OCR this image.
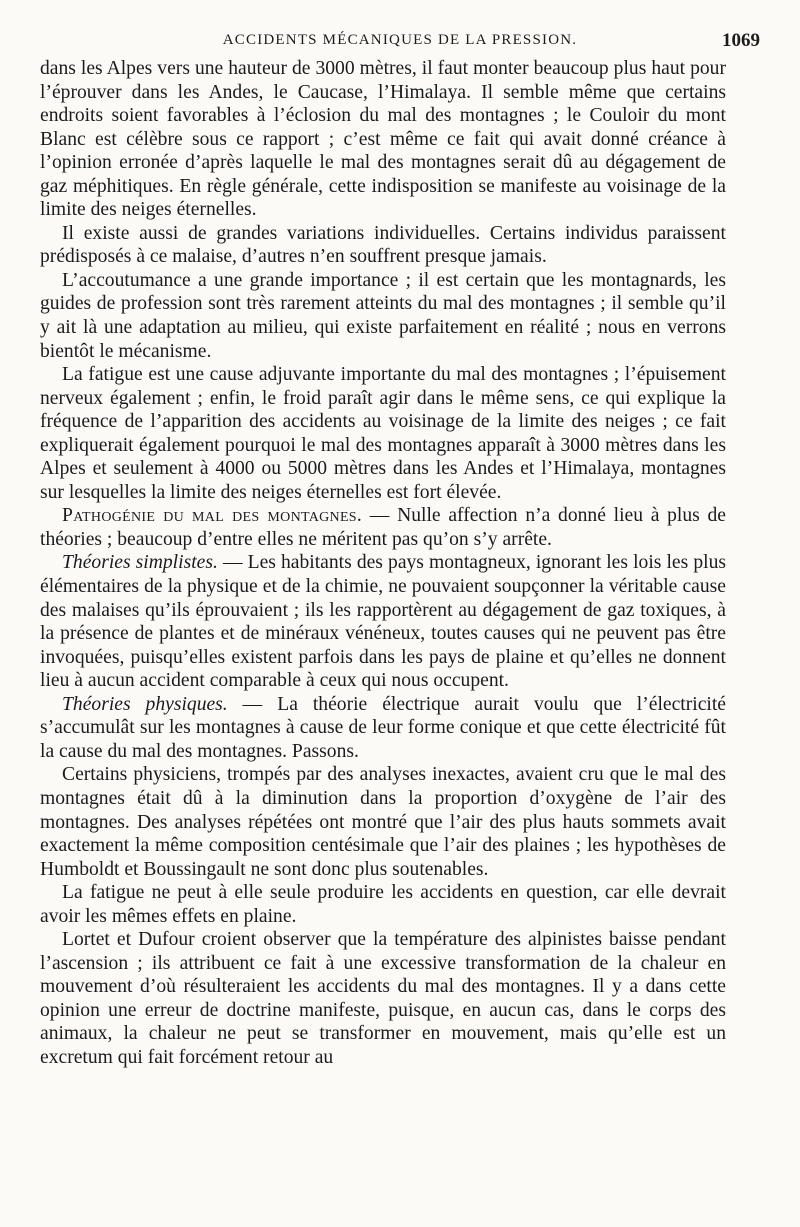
ACCIDENTS MÉCANIQUES DE LA PRESSION.	1069

dans les Alpes vers une hauteur de 3000 mètres, il faut monter beaucoup plus haut pour l’éprouver dans les Andes, le Caucase, l’Himalaya. Il semble même que certains endroits soient favorables à l’éclosion du mal des montagnes ; le Couloir du mont Blanc est célèbre sous ce rapport ; c’est même ce fait qui avait donné créance à l’opinion erronée d’après laquelle le mal des montagnes serait dû au dégagement de gaz méphitiques. En règle générale, cette indisposition se manifeste au voisinage de la limite des neiges éternelles.

Il existe aussi de grandes variations individuelles. Certains individus paraissent prédisposés à ce malaise, d’autres n’en souffrent presque jamais.

L’accoutumance a une grande importance ; il est certain que les montagnards, les guides de profession sont très rarement atteints du mal des montagnes ; il semble qu’il y ait là une adaptation au milieu, qui existe parfaitement en réalité ; nous en verrons bientôt le mécanisme.

La fatigue est une cause adjuvante importante du mal des montagnes ; l’épuisement nerveux également ; enfin, le froid paraît agir dans le même sens, ce qui explique la fréquence de l’apparition des accidents au voisinage de la limite des neiges ; ce fait expliquerait également pourquoi le mal des montagnes apparaît à 3000 mètres dans les Alpes et seulement à 4000 ou 5000 mètres dans les Andes et l’Himalaya, montagnes sur lesquelles la limite des neiges éternelles est fort élevée.

Pathogénie du mal des montagnes. — Nulle affection n’a donné lieu à plus de théories ; beaucoup d’entre elles ne méritent pas qu’on s’y arrête.

Théories simplistes. — Les habitants des pays montagneux, ignorant les lois les plus élémentaires de la physique et de la chimie, ne pouvaient soupçonner la véritable cause des malaises qu’ils éprouvaient ; ils les rapportèrent au dégagement de gaz toxiques, à la présence de plantes et de minéraux vénéneux, toutes causes qui ne peuvent pas être invoquées, puisqu’elles existent parfois dans les pays de plaine et qu’elles ne donnent lieu à aucun accident comparable à ceux qui nous occupent.

Théories physiques. — La théorie électrique aurait voulu que l’électricité s’accumulât sur les montagnes à cause de leur forme conique et que cette électricité fût la cause du mal des montagnes. Passons.

Certains physiciens, trompés par des analyses inexactes, avaient cru que le mal des montagnes était dû à la diminution dans la proportion d’oxygène de l’air des montagnes. Des analyses répétées ont montré que l’air des plus hauts sommets avait exactement la même composition centésimale que l’air des plaines ; les hypothèses de Humboldt et Boussingault ne sont donc plus soutenables.

La fatigue ne peut à elle seule produire les accidents en question, car elle devrait avoir les mêmes effets en plaine.

Lortet et Dufour croient observer que la température des alpinistes baisse pendant l’ascension ; ils attribuent ce fait à une excessive transformation de la chaleur en mouvement d’où résulteraient les accidents du mal des montagnes. Il y a dans cette opinion une erreur de doctrine manifeste, puisque, en aucun cas, dans le corps des animaux, la chaleur ne peut se transformer en mouvement, mais qu’elle est un excretum qui fait forcément retour au
